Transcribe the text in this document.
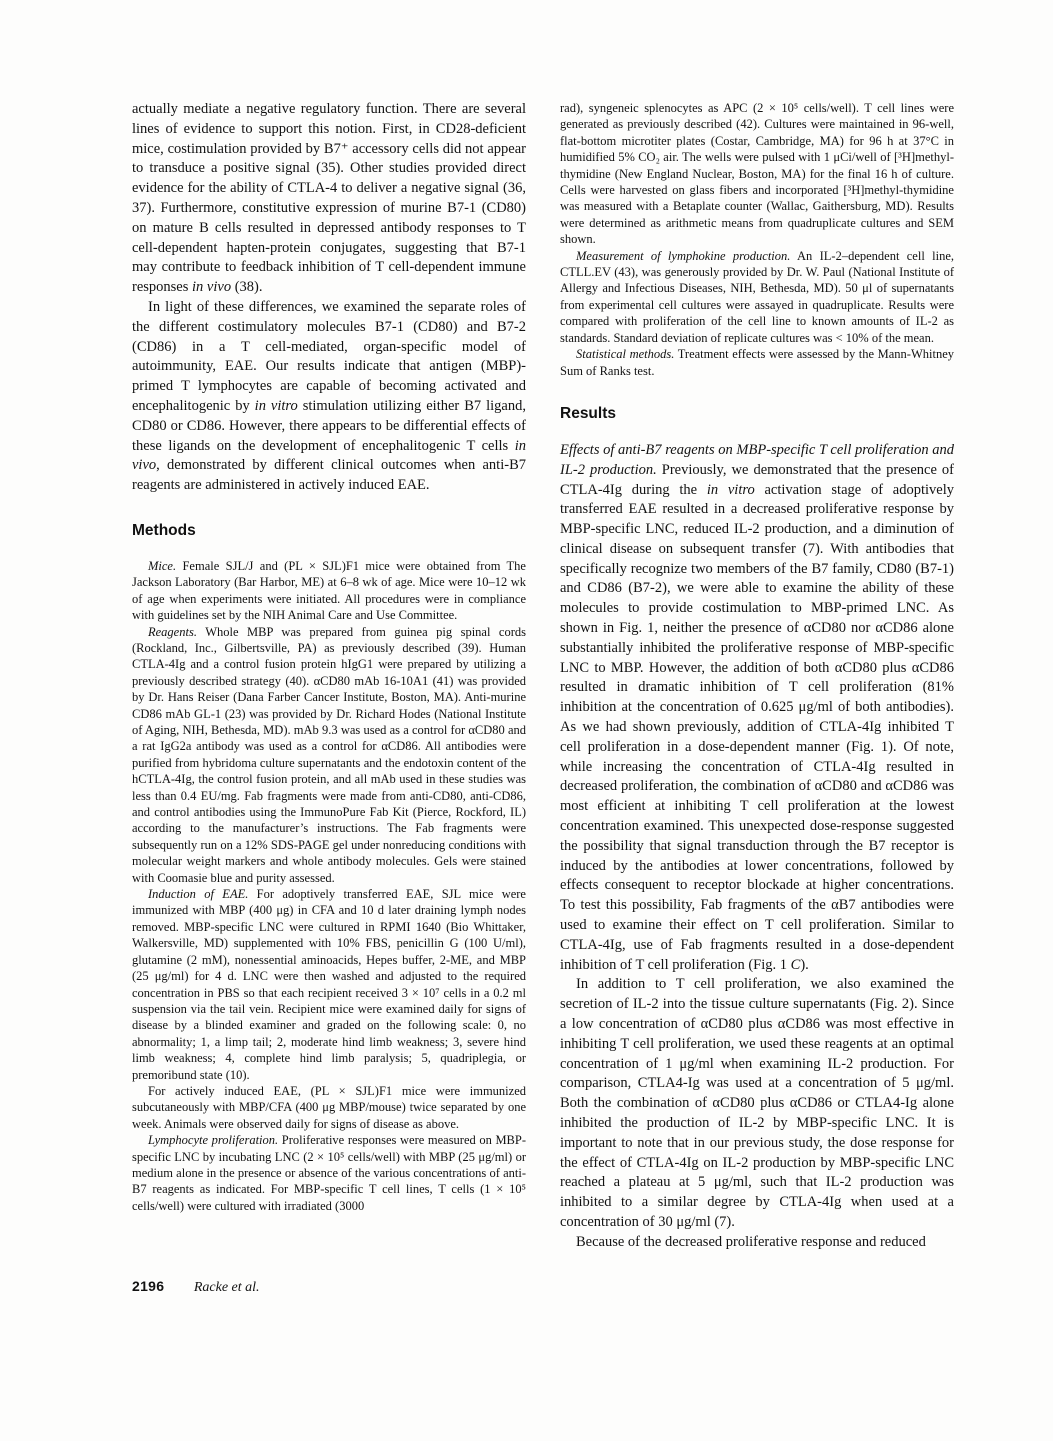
actually mediate a negative regulatory function. There are several lines of evidence to support this notion. First, in CD28-deficient mice, costimulation provided by B7⁺ accessory cells did not appear to transduce a positive signal (35). Other studies provided direct evidence for the ability of CTLA-4 to deliver a negative signal (36, 37). Furthermore, constitutive expression of murine B7-1 (CD80) on mature B cells resulted in depressed antibody responses to T cell-dependent hapten-protein conjugates, suggesting that B7-1 may contribute to feedback inhibition of T cell-dependent immune responses in vivo (38).

In light of these differences, we examined the separate roles of the different costimulatory molecules B7-1 (CD80) and B7-2 (CD86) in a T cell-mediated, organ-specific model of autoimmunity, EAE. Our results indicate that antigen (MBP)-primed T lymphocytes are capable of becoming activated and encephalitogenic by in vitro stimulation utilizing either B7 ligand, CD80 or CD86. However, there appears to be differential effects of these ligands on the development of encephalitogenic T cells in vivo, demonstrated by different clinical outcomes when anti-B7 reagents are administered in actively induced EAE.

Methods

Mice. Female SJL/J and (PL × SJL)F1 mice were obtained from The Jackson Laboratory (Bar Harbor, ME) at 6–8 wk of age. Mice were 10–12 wk of age when experiments were initiated. All procedures were in compliance with guidelines set by the NIH Animal Care and Use Committee.

Reagents. Whole MBP was prepared from guinea pig spinal cords (Rockland, Inc., Gilbertsville, PA) as previously described (39). Human CTLA-4Ig and a control fusion protein hIgG1 were prepared by utilizing a previously described strategy (40). αCD80 mAb 16-10A1 (41) was provided by Dr. Hans Reiser (Dana Farber Cancer Institute, Boston, MA). Anti-murine CD86 mAb GL-1 (23) was provided by Dr. Richard Hodes (National Institute of Aging, NIH, Bethesda, MD). mAb 9.3 was used as a control for αCD80 and a rat IgG2a antibody was used as a control for αCD86. All antibodies were purified from hybridoma culture supernatants and the endotoxin content of the hCTLA-4Ig, the control fusion protein, and all mAb used in these studies was less than 0.4 EU/mg. Fab fragments were made from anti-CD80, anti-CD86, and control antibodies using the ImmunoPure Fab Kit (Pierce, Rockford, IL) according to the manufacturer’s instructions. The Fab fragments were subsequently run on a 12% SDS-PAGE gel under nonreducing conditions with molecular weight markers and whole antibody molecules. Gels were stained with Coomasie blue and purity assessed.

Induction of EAE. For adoptively transferred EAE, SJL mice were immunized with MBP (400 μg) in CFA and 10 d later draining lymph nodes removed. MBP-specific LNC were cultured in RPMI 1640 (Bio Whittaker, Walkersville, MD) supplemented with 10% FBS, penicillin G (100 U/ml), glutamine (2 mM), nonessential aminoacids, Hepes buffer, 2-ME, and MBP (25 μg/ml) for 4 d. LNC were then washed and adjusted to the required concentration in PBS so that each recipient received 3 × 10⁷ cells in a 0.2 ml suspension via the tail vein. Recipient mice were examined daily for signs of disease by a blinded examiner and graded on the following scale: 0, no abnormality; 1, a limp tail; 2, moderate hind limb weakness; 3, severe hind limb weakness; 4, complete hind limb paralysis; 5, quadriplegia, or premoribund state (10).

For actively induced EAE, (PL × SJL)F1 mice were immunized subcutaneously with MBP/CFA (400 μg MBP/mouse) twice separated by one week. Animals were observed daily for signs of disease as above.

Lymphocyte proliferation. Proliferative responses were measured on MBP-specific LNC by incubating LNC (2 × 10⁵ cells/well) with MBP (25 μg/ml) or medium alone in the presence or absence of the various concentrations of anti-B7 reagents as indicated. For MBP-specific T cell lines, T cells (1 × 10⁵ cells/well) were cultured with irradiated (3000

rad), syngeneic splenocytes as APC (2 × 10⁵ cells/well). T cell lines were generated as previously described (42). Cultures were maintained in 96-well, flat-bottom microtiter plates (Costar, Cambridge, MA) for 96 h at 37°C in humidified 5% CO₂ air. The wells were pulsed with 1 μCi/well of [³H]methyl-thymidine (New England Nuclear, Boston, MA) for the final 16 h of culture. Cells were harvested on glass fibers and incorporated [³H]methyl-thymidine was measured with a Betaplate counter (Wallac, Gaithersburg, MD). Results were determined as arithmetic means from quadruplicate cultures and SEM shown.

Measurement of lymphokine production. An IL-2–dependent cell line, CTLL.EV (43), was generously provided by Dr. W. Paul (National Institute of Allergy and Infectious Diseases, NIH, Bethesda, MD). 50 μl of supernatants from experimental cell cultures were assayed in quadruplicate. Results were compared with proliferation of the cell line to known amounts of IL-2 as standards. Standard deviation of replicate cultures was < 10% of the mean.

Statistical methods. Treatment effects were assessed by the Mann-Whitney Sum of Ranks test.

Results

Effects of anti-B7 reagents on MBP-specific T cell proliferation and IL-2 production. Previously, we demonstrated that the presence of CTLA-4Ig during the in vitro activation stage of adoptively transferred EAE resulted in a decreased proliferative response by MBP-specific LNC, reduced IL-2 production, and a diminution of clinical disease on subsequent transfer (7). With antibodies that specifically recognize two members of the B7 family, CD80 (B7-1) and CD86 (B7-2), we were able to examine the ability of these molecules to provide costimulation to MBP-primed LNC. As shown in Fig. 1, neither the presence of αCD80 nor αCD86 alone substantially inhibited the proliferative response of MBP-specific LNC to MBP. However, the addition of both αCD80 plus αCD86 resulted in dramatic inhibition of T cell proliferation (81% inhibition at the concentration of 0.625 μg/ml of both antibodies). As we had shown previously, addition of CTLA-4Ig inhibited T cell proliferation in a dose-dependent manner (Fig. 1). Of note, while increasing the concentration of CTLA-4Ig resulted in decreased proliferation, the combination of αCD80 and αCD86 was most efficient at inhibiting T cell proliferation at the lowest concentration examined. This unexpected dose-response suggested the possibility that signal transduction through the B7 receptor is induced by the antibodies at lower concentrations, followed by effects consequent to receptor blockade at higher concentrations. To test this possibility, Fab fragments of the αB7 antibodies were used to examine their effect on T cell proliferation. Similar to CTLA-4Ig, use of Fab fragments resulted in a dose-dependent inhibition of T cell proliferation (Fig. 1 C).

In addition to T cell proliferation, we also examined the secretion of IL-2 into the tissue culture supernatants (Fig. 2). Since a low concentration of αCD80 plus αCD86 was most effective in inhibiting T cell proliferation, we used these reagents at an optimal concentration of 1 μg/ml when examining IL-2 production. For comparison, CTLA4-Ig was used at a concentration of 5 μg/ml. Both the combination of αCD80 plus αCD86 or CTLA4-Ig alone inhibited the production of IL-2 by MBP-specific LNC. It is important to note that in our previous study, the dose response for the effect of CTLA-4Ig on IL-2 production by MBP-specific LNC reached a plateau at 5 μg/ml, such that IL-2 production was inhibited to a similar degree by CTLA-4Ig when used at a concentration of 30 μg/ml (7).

Because of the decreased proliferative response and reduced

2196 Racke et al.
